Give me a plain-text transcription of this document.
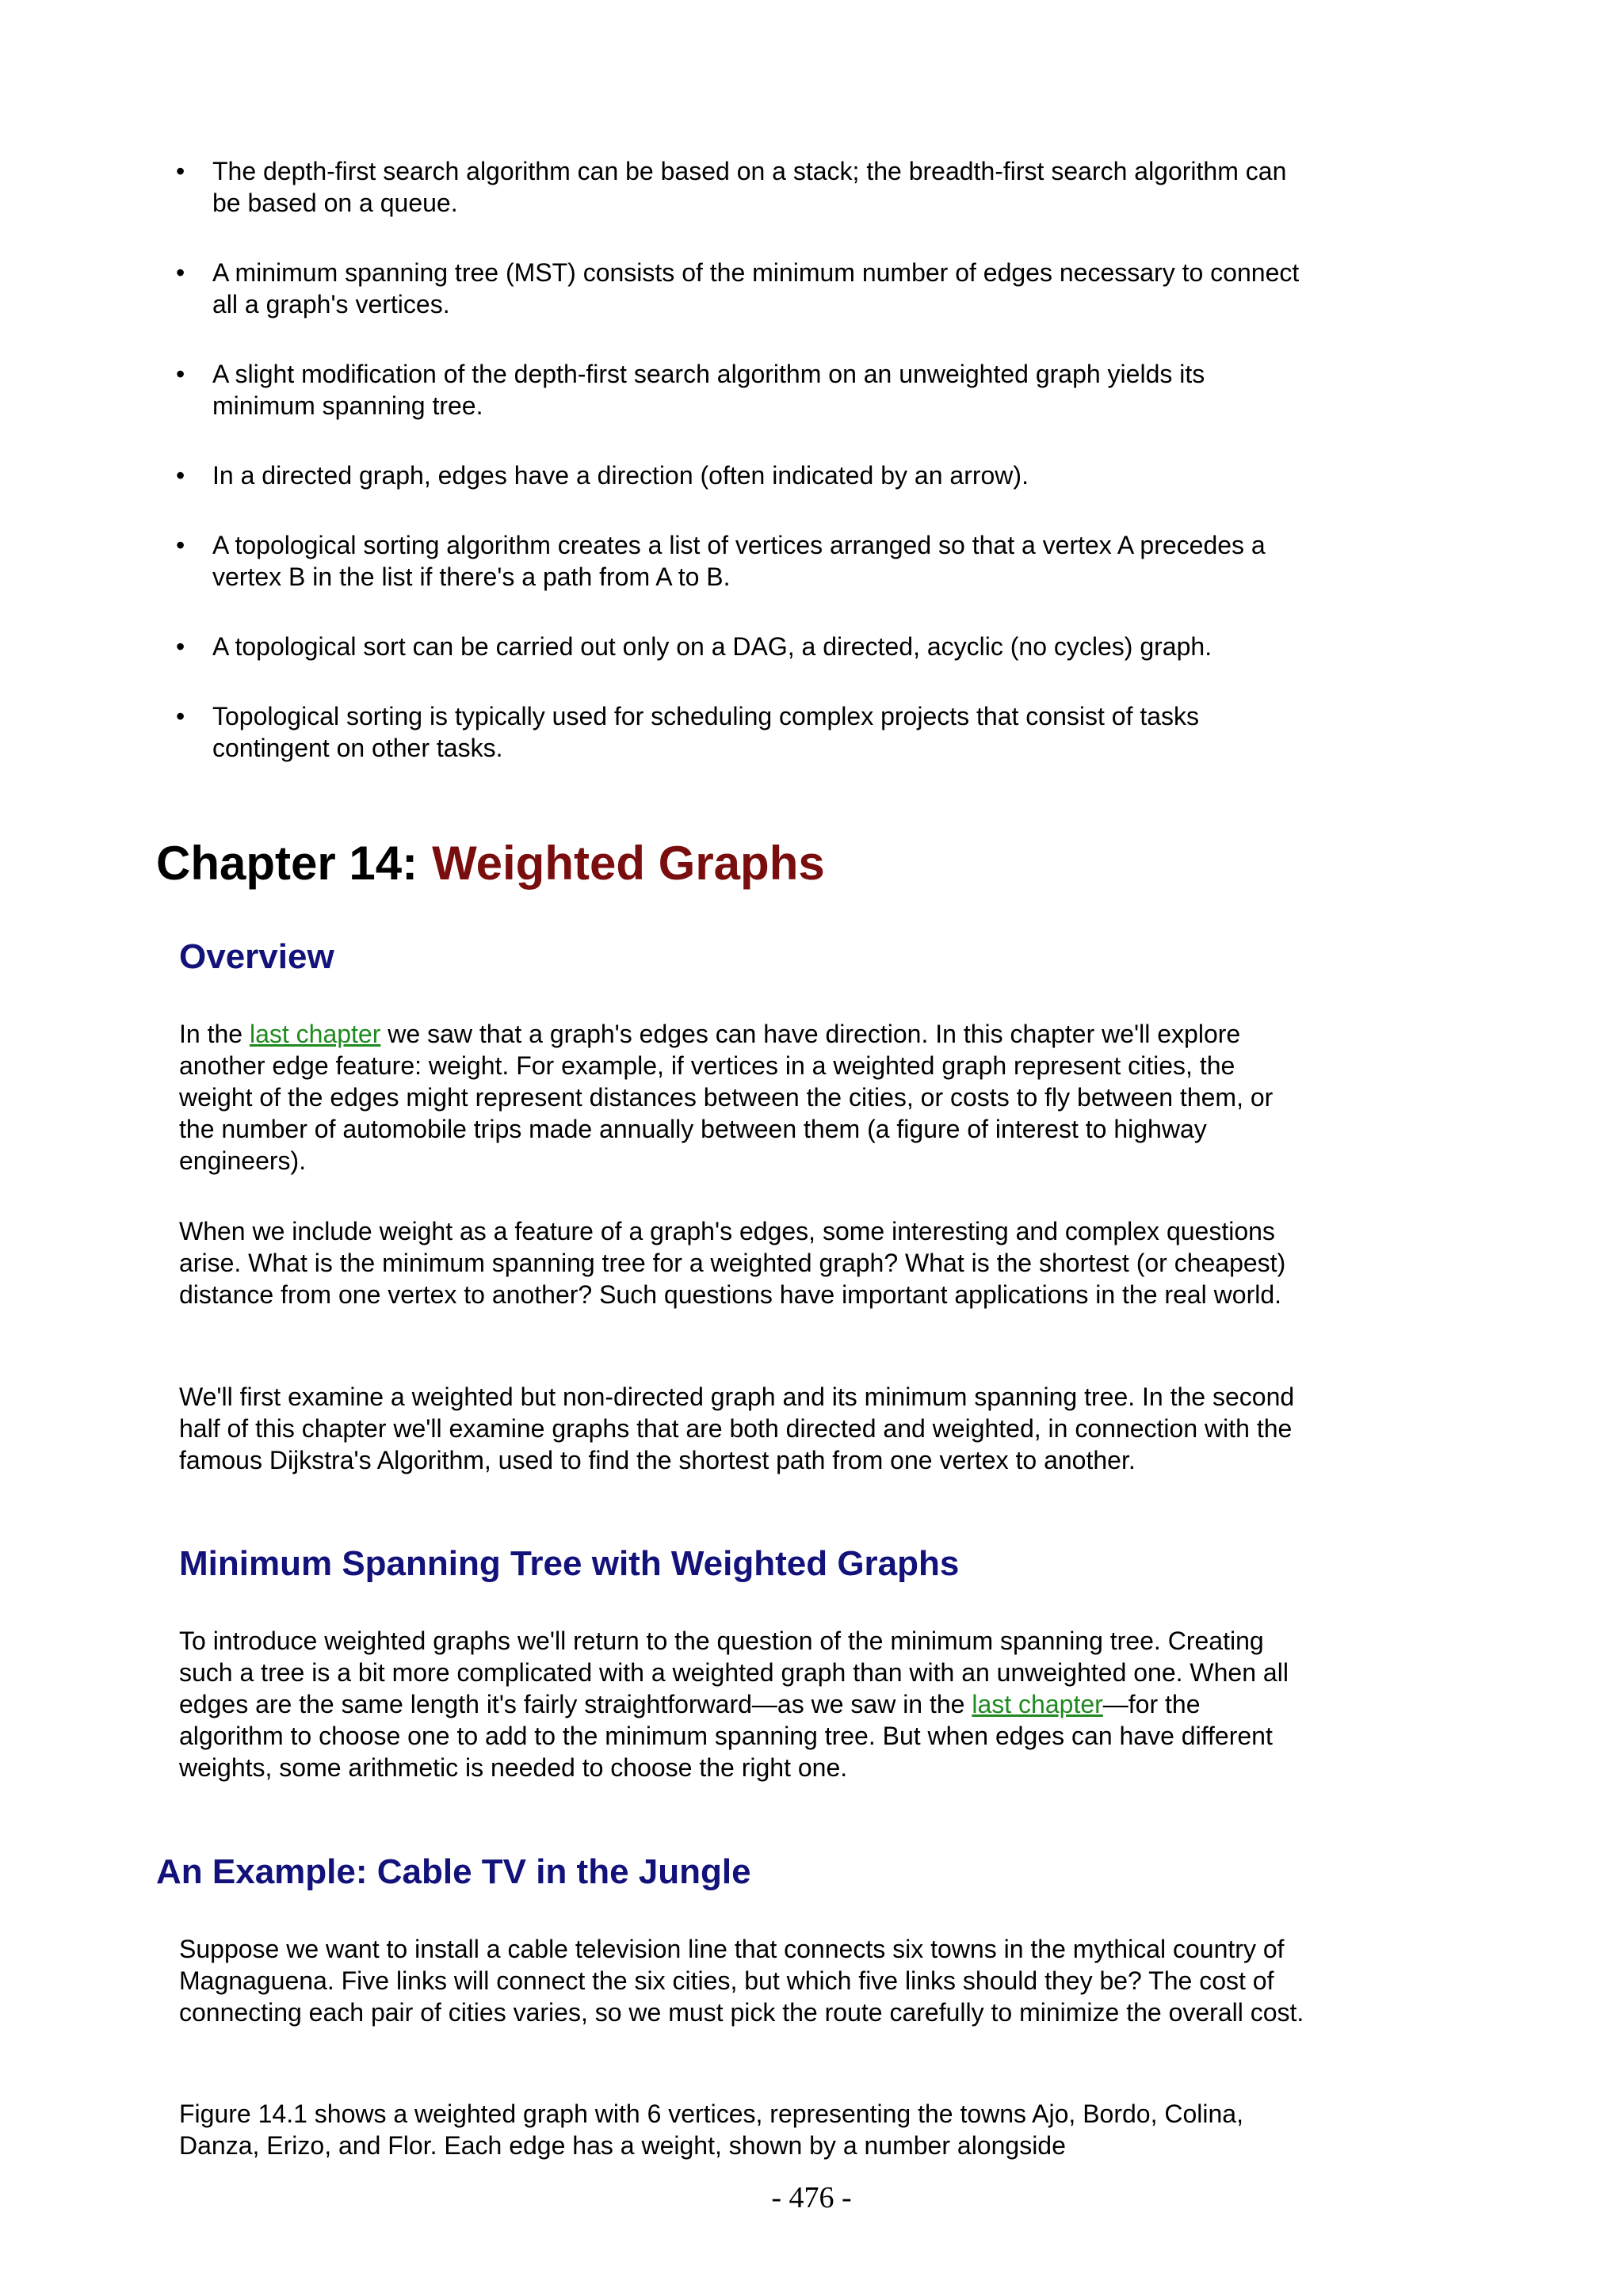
• The depth-first search algorithm can be based on a stack; the breadth-first search algorithm can be based on a queue.
• A minimum spanning tree (MST) consists of the minimum number of edges necessary to connect all a graph's vertices.
• A slight modification of the depth-first search algorithm on an unweighted graph yields its minimum spanning tree.
• In a directed graph, edges have a direction (often indicated by an arrow).
• A topological sorting algorithm creates a list of vertices arranged so that a vertex A precedes a vertex B in the list if there's a path from A to B.
• A topological sort can be carried out only on a DAG, a directed, acyclic (no cycles) graph.
• Topological sorting is typically used for scheduling complex projects that consist of tasks contingent on other tasks.
Chapter 14: Weighted Graphs
Overview

In the last chapter we saw that a graph's edges can have direction. In this chapter we'll explore another edge feature: weight. For example, if vertices in a weighted graph represent cities, the weight of the edges might represent distances between the cities, or costs to fly between them, or the number of automobile trips made annually between them (a figure of interest to highway engineers).

When we include weight as a feature of a graph's edges, some interesting and complex questions arise. What is the minimum spanning tree for a weighted graph? What is the shortest (or cheapest) distance from one vertex to another? Such questions have important applications in the real world.

We'll first examine a weighted but non-directed graph and its minimum spanning tree. In the second half of this chapter we'll examine graphs that are both directed and weighted, in connection with the famous Dijkstra's Algorithm, used to find the shortest path from one vertex to another.

Minimum Spanning Tree with Weighted Graphs

To introduce weighted graphs we'll return to the question of the minimum spanning tree. Creating such a tree is a bit more complicated with a weighted graph than with an unweighted one. When all edges are the same length it's fairly straightforward—as we saw in the last chapter—for the algorithm to choose one to add to the minimum spanning tree. But when edges can have different weights, some arithmetic is needed to choose the right one.

An Example: Cable TV in the Jungle

Suppose we want to install a cable television line that connects six towns in the mythical country of Magnaguena. Five links will connect the six cities, but which five links should they be? The cost of connecting each pair of cities varies, so we must pick the route carefully to minimize the overall cost.

Figure 14.1 shows a weighted graph with 6 vertices, representing the towns Ajo, Bordo, Colina, Danza, Erizo, and Flor. Each edge has a weight, shown by a number alongside

- 476 -
